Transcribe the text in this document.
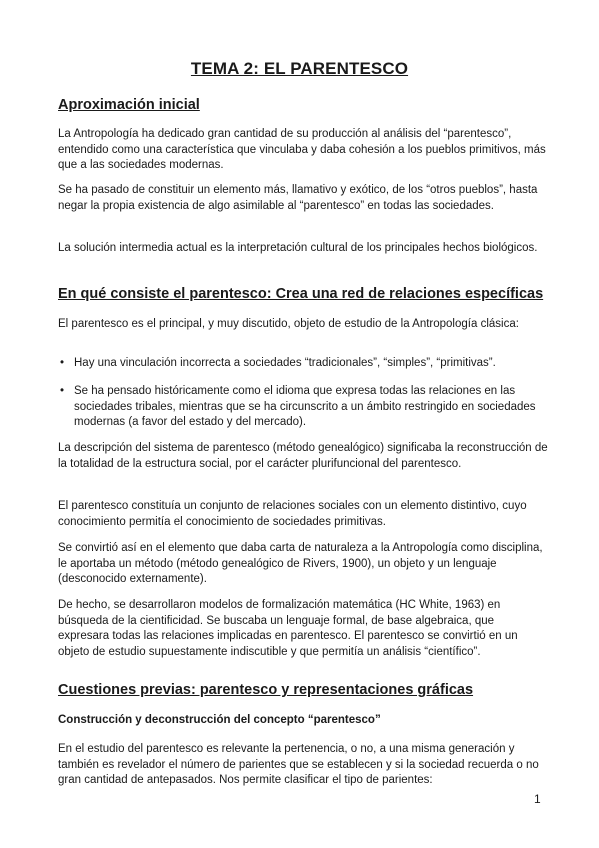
TEMA 2: EL PARENTESCO
Aproximación inicial

La Antropología ha dedicado gran cantidad de su producción al análisis del “parentesco”, entendido como una característica que vinculaba y daba cohesión a los pueblos primitivos, más que a las sociedades modernas.

Se ha pasado de constituir un elemento más, llamativo y exótico, de los “otros pueblos”, hasta negar la propia existencia de algo asimilable al “parentesco” en todas las sociedades.

La solución intermedia actual es la interpretación cultural de los principales hechos biológicos.

En qué consiste el parentesco: Crea una red de relaciones específicas

El parentesco es el principal, y muy discutido, objeto de estudio de la Antropología clásica:

• Hay una vinculación incorrecta a sociedades “tradicionales”, “simples”, “primitivas”.
• Se ha pensado históricamente como el idioma que expresa todas las relaciones en las sociedades tribales, mientras que se ha circunscrito a un ámbito restringido en sociedades modernas (a favor del estado y del mercado).

La descripción del sistema de parentesco (método genealógico) significaba la reconstrucción de la totalidad de la estructura social, por el carácter plurifuncional del parentesco.

El parentesco constituía un conjunto de relaciones sociales con un elemento distintivo, cuyo conocimiento permitía el conocimiento de sociedades primitivas.

Se convirtió así en el elemento que daba carta de naturaleza a la Antropología como disciplina, le aportaba un método (método genealógico de Rivers, 1900), un objeto y un lenguaje (desconocido externamente).

De hecho, se desarrollaron modelos de formalización matemática (HC White, 1963) en búsqueda de la cientificidad. Se buscaba un lenguaje formal, de base algebraica, que expresara todas las relaciones implicadas en parentesco. El parentesco se convirtió en un objeto de estudio supuestamente indiscutible y que permitía un análisis “científico”.

Cuestiones previas: parentesco y representaciones gráficas
Construcción y deconstrucción del concepto “parentesco”

En el estudio del parentesco es relevante la pertenencia, o no, a una misma generación y también es revelador el número de parientes que se establecen y si la sociedad recuerda o no gran cantidad de antepasados. Nos permite clasificar el tipo de parientes:

1
